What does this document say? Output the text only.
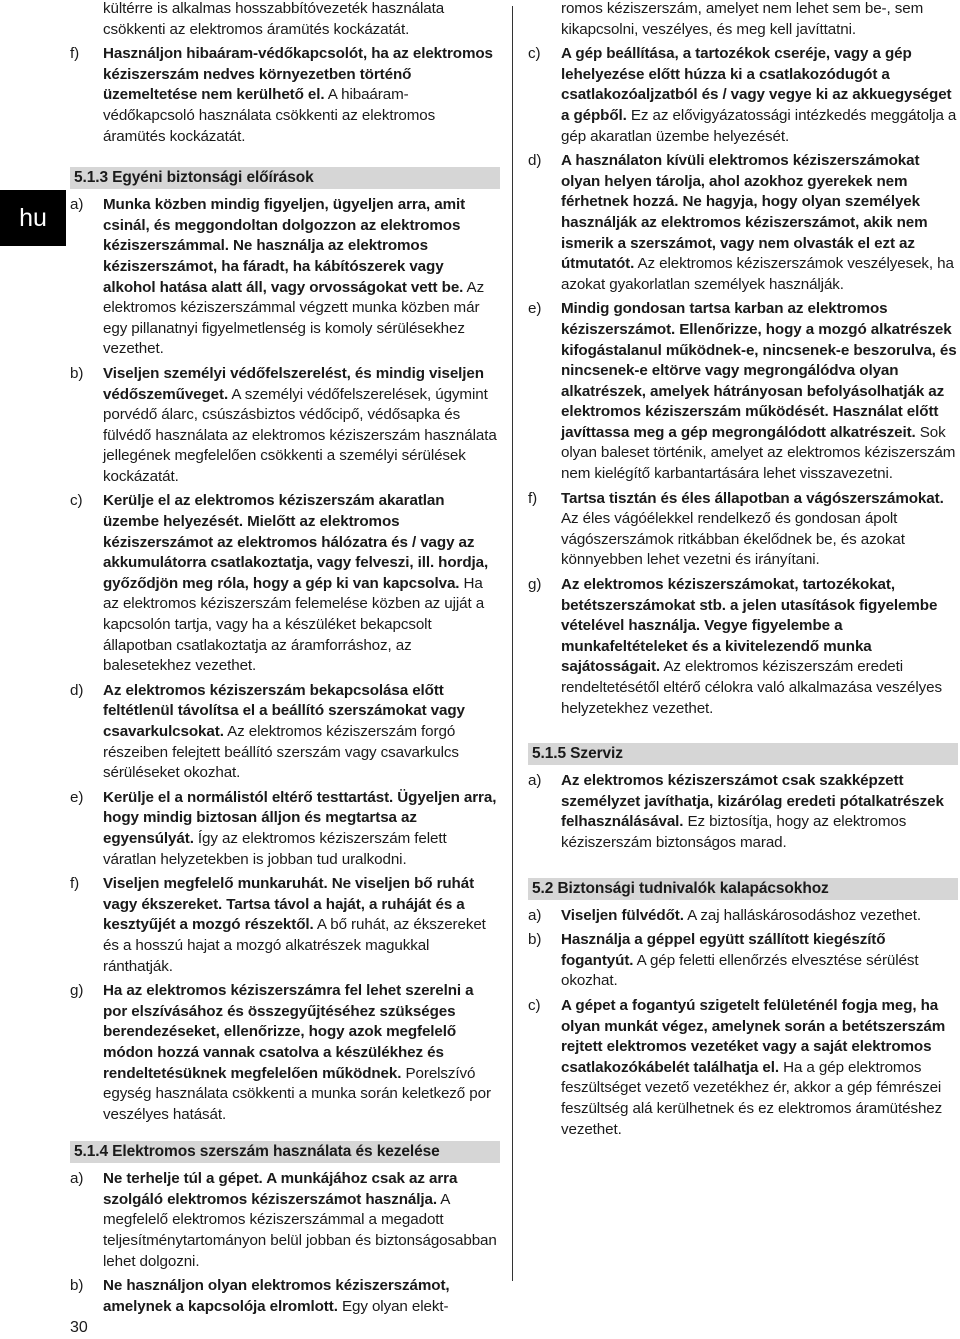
hu
kültérre is alkalmas hosszabbítóvezeték használata csökkenti az elektromos áramütés kockázatát.
f) Használjon hibaáram-védőkapcsolót, ha az elektromos kéziszerszám nedves környezetben történő üzemeltetése nem kerülhető el. A hibaáram-védőkapcsoló használata csökkenti az elektromos áramütés kockázatát.
5.1.3 Egyéni biztonsági előírások
a) Munka közben mindig figyeljen, ügyeljen arra, amit csinál, és meggondoltan dolgozzon az elektromos kéziszerszámmal. Ne használja az elektromos kéziszerszámot, ha fáradt, ha kábítószerek vagy alkohol hatása alatt áll, vagy orvosságokat vett be. Az elektromos kéziszerszámmal végzett munka közben már egy pillanatnyi figyelmetlenség is komoly sérülésekhez vezethet.
b) Viseljen személyi védőfelszerelést, és mindig viseljen védőszeműveget. A személyi védőfelszerelések, úgymint porvédő álarc, csúszásbiztos védőcipő, védősapka és fülvédő használata az elektromos kéziszerszám használata jellegének megfelelően csökkenti a személyi sérülések kockázatát.
c) Kerülje el az elektromos kéziszerszám akaratlan üzembe helyezését. Mielőtt az elektromos kéziszerszámot az elektromos hálózatra és / vagy az akkumulátorra csatlakoztatja, vagy felveszi, ill. hordja, győződjön meg róla, hogy a gép ki van kapcsolva. Ha az elektromos kéziszerszám felemelése közben az ujját a kapcsolón tartja, vagy ha a készüléket bekapcsolt állapotban csatlakoztatja az áramforráshoz, az balesetekhez vezethet.
d) Az elektromos kéziszerszám bekapcsolása előtt feltétlenül távolítsa el a beállító szerszámokat vagy csavarkulcsokat. Az elektromos kéziszerszám forgó részeiben felejtett beállító szerszám vagy csavarkulcs sérüléseket okozhat.
e) Kerülje el a normálistól eltérő testtartást. Ügyeljen arra, hogy mindig biztosan álljon és megtartsa az egyensúlyát. Így az elektromos kéziszerszám felett váratlan helyzetekben is jobban tud uralkodni.
f) Viseljen megfelelő munkaruhát. Ne viseljen bő ruhát vagy ékszereket. Tartsa távol a haját, a ruháját és a kesztyűjét a mozgó részektől. A bő ruhát, az ékszereket és a hosszú hajat a mozgó alkatrészek magukkal ránthatják.
g) Ha az elektromos kéziszerszámra fel lehet szerelni a por elszívásához és összegyűjtéséhez szükséges berendezéseket, ellenőrizze, hogy azok megfelelő módon hozzá vannak csatolva a készülékhez és rendeltetésüknek megfelelően működnek. Porelszívó egység használata csökkenti a munka során keletkező por veszélyes hatását.
5.1.4 Elektromos szerszám használata és kezelése
a) Ne terhelje túl a gépet. A munkájához csak az arra szolgáló elektromos kéziszerszámot használja. A megfelelő elektromos kéziszerszámmal a megadott teljesítménytartományon belül jobban és biztonságosabban lehet dolgozni.
b) Ne használjon olyan elektromos kéziszerszámot, amelynek a kapcsolója elromlott. Egy olyan elekt-
romos kéziszerszám, amelyet nem lehet sem be-, sem kikapcsolni, veszélyes, és meg kell javíttatni.
c) A gép beállítása, a tartozékok cseréje, vagy a gép lehelyezése előtt húzza ki a csatlakozódugót a csatlakozóaljzatból és / vagy vegye ki az akkuegységet a gépből. Ez az elővigyázatossági intézkedés meggátolja a gép akaratlan üzembe helyezését.
d) A használaton kívüli elektromos kéziszerszámokat olyan helyen tárolja, ahol azokhoz gyerekek nem férhetnek hozzá. Ne hagyja, hogy olyan személyek használják az elektromos kéziszerszámot, akik nem ismerik a szerszámot, vagy nem olvasták el ezt az útmutatót. Az elektromos kéziszerszámok veszélyesek, ha azokat gyakorlatlan személyek használják.
e) Mindig gondosan tartsa karban az elektromos kéziszerszámot. Ellenőrizze, hogy a mozgó alkatrészek kifogástalanul működnek-e, nincsenek-e beszorulva, és nincsenek-e eltörve vagy megrongálódva olyan alkatrészek, amelyek hátrányosan befolyásolhatják az elektromos kéziszerszám működését. Használat előtt javíttassa meg a gép megrongálódott alkatrészeit. Sok olyan baleset történik, amelyet az elektromos kéziszerszám nem kielégítő karbantartására lehet visszavezetni.
f) Tartsa tisztán és éles állapotban a vágószerszámokat. Az éles vágóélekkel rendelkező és gondosan ápolt vágószerszámok ritkábban ékelődnek be, és azokat könnyebben lehet vezetni és irányítani.
g) Az elektromos kéziszerszámokat, tartozékokat, betétszerszámokat stb. a jelen utasítások figyelembe vételével használja. Vegye figyelembe a munkafeltételeket és a kivitelezendő munka sajátosságait. Az elektromos kéziszerszám eredeti rendeltetésétől eltérő célokra való alkalmazása veszélyes helyzetekhez vezethet.
5.1.5 Szerviz
a) Az elektromos kéziszerszámot csak szakképzett személyzet javíthatja, kizárólag eredeti pótalkatrészek felhasználásával. Ez biztosítja, hogy az elektromos kéziszerszám biztonságos marad.
5.2 Biztonsági tudnivalók kalapácsokhoz
a) Viseljen fülvédőt. A zaj halláskárosodáshoz vezethet.
b) Használja a géppel együtt szállított kiegészítő fogantyút. A gép feletti ellenőrzés elvesztése sérülést okozhat.
c) A gépet a fogantyú szigetelt felületénél fogja meg, ha olyan munkát végez, amelynek során a betétszerszám rejtett elektromos vezetéket vagy a saját elektromos csatlakozókábelét találhatja el. Ha a gép elektromos feszültséget vezető vezetékhez ér, akkor a gép fémrészei feszültség alá kerülhetnek és ez elektromos áramütéshez vezethet.
30
